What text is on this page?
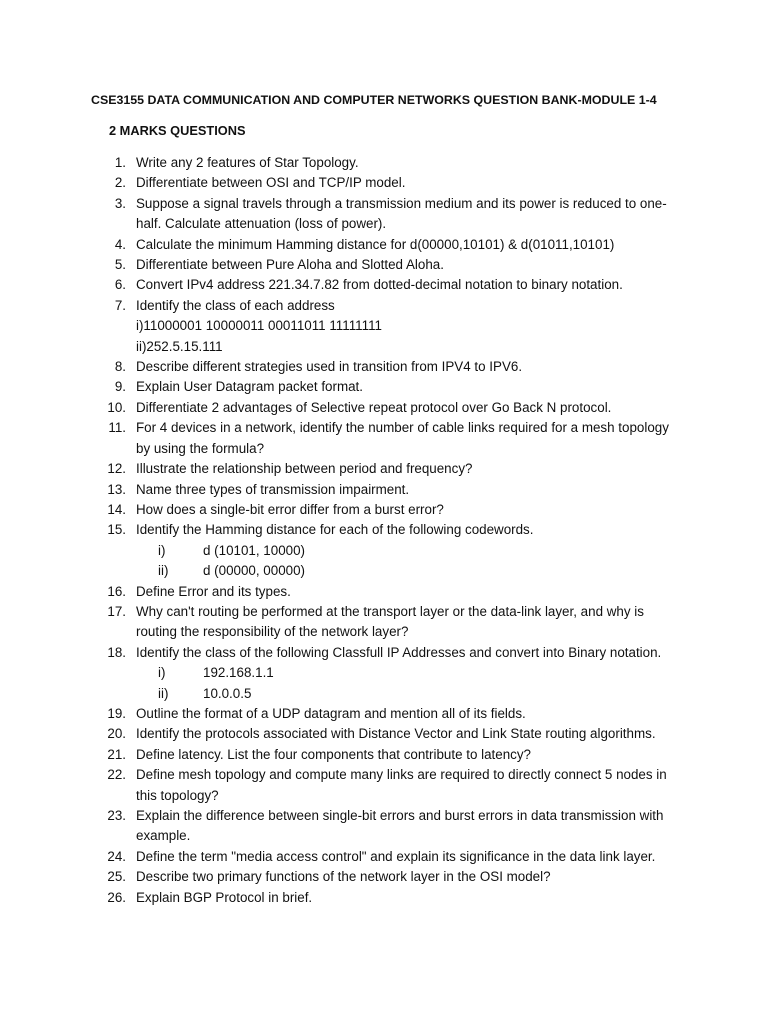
CSE3155 DATA COMMUNICATION AND COMPUTER NETWORKS QUESTION BANK-MODULE 1-4
2 MARKS QUESTIONS
1. Write any 2 features of Star Topology.
2. Differentiate between OSI and TCP/IP model.
3. Suppose a signal travels through a transmission medium and its power is reduced to one-half. Calculate attenuation (loss of power).
4. Calculate the minimum Hamming distance for d(00000,10101) & d(01011,10101)
5. Differentiate between Pure Aloha and Slotted Aloha.
6. Convert IPv4 address 221.34.7.82 from dotted-decimal notation to binary notation.
7. Identify the class of each address
i)11000001 10000011 00011011 11111111
ii)252.5.15.111
8. Describe different strategies used in transition from IPV4 to IPV6.
9. Explain User Datagram packet format.
10. Differentiate 2 advantages of Selective repeat protocol over Go Back N protocol.
11. For 4 devices in a network, identify the number of cable links required for a mesh topology by using the formula?
12. Illustrate the relationship between period and frequency?
13. Name three types of transmission impairment.
14. How does a single-bit error differ from a burst error?
15. Identify the Hamming distance for each of the following codewords.
i)	d (10101, 10000)
ii)	d (00000, 00000)
16. Define Error and its types.
17. Why can't routing be performed at the transport layer or the data-link layer, and why is routing the responsibility of the network layer?
18. Identify the class of the following Classfull IP Addresses and convert into Binary notation.
i)	192.168.1.1
ii)	10.0.0.5
19. Outline the format of a UDP datagram and mention all of its fields.
20. Identify the protocols associated with Distance Vector and Link State routing algorithms.
21. Define latency. List the four components that contribute to latency?
22. Define mesh topology and compute many links are required to directly connect 5 nodes in this topology?
23. Explain the difference between single-bit errors and burst errors in data transmission with example.
24. Define the term "media access control" and explain its significance in the data link layer.
25. Describe two primary functions of the network layer in the OSI model?
26. Explain BGP Protocol in brief.
